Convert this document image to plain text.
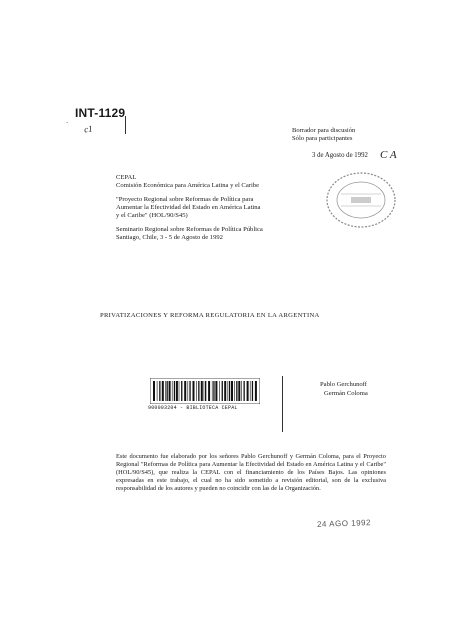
`
INT-1129
c1	Borrador para discusión
Sólo para participantes
3 de Agosto de 1992 C A

CEPAL
Comisión Económica para América Latina y el Caribe

"Proyecto Regional sobre Reformas de Política para
Aumentar la Efectividad del Estado en América Latina
y el Caribe" (HOL/90/S45)

Seminario Regional sobre Reformas de Política Pública
Santiago, Chile, 3 - 5 de Agosto de 1992

PRIVATIZACIONES Y REFORMA REGULATORIA EN LA ARGENTINA
900003204 - BIBLIOTECA CEPAL
Pablo Gerchunoff
Germán Coloma
Este documento fue elaborado por los señores Pablo Gerchunoff y Germán Coloma, para el Proyecto Regional "Reformas de Política para Aumentar la Efectividad del Estado en América Latina y el Caribe" (HOL/90/S45), que realiza la CEPAL con el financiamiento de los Países Bajos. Las opiniones expresadas en este trabajo, el cual no ha sido sometido a revisión editorial, son de la exclusiva responsabilidad de los autores y pueden no coincidir con las de la Organización.
24 AGO 1992
